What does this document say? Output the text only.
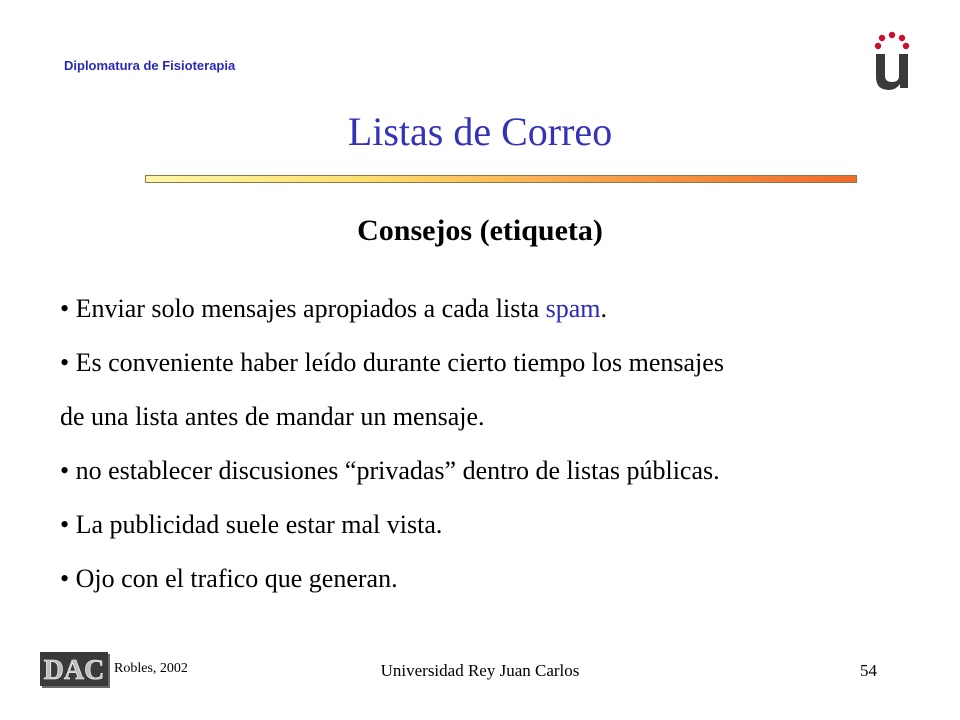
Diplomatura de Fisioterapia
Listas de Correo
Consejos (etiqueta)
• Enviar solo mensajes apropiados a cada lista spam.
• Es conveniente haber leído durante cierto tiempo los mensajes
de una lista antes de mandar un mensaje.
• no establecer discusiones “privadas” dentro de listas públicas.
• La publicidad suele estar mal vista.
• Ojo con el trafico que generan.
DAC Robles, 2002	Universidad Rey Juan Carlos	54
